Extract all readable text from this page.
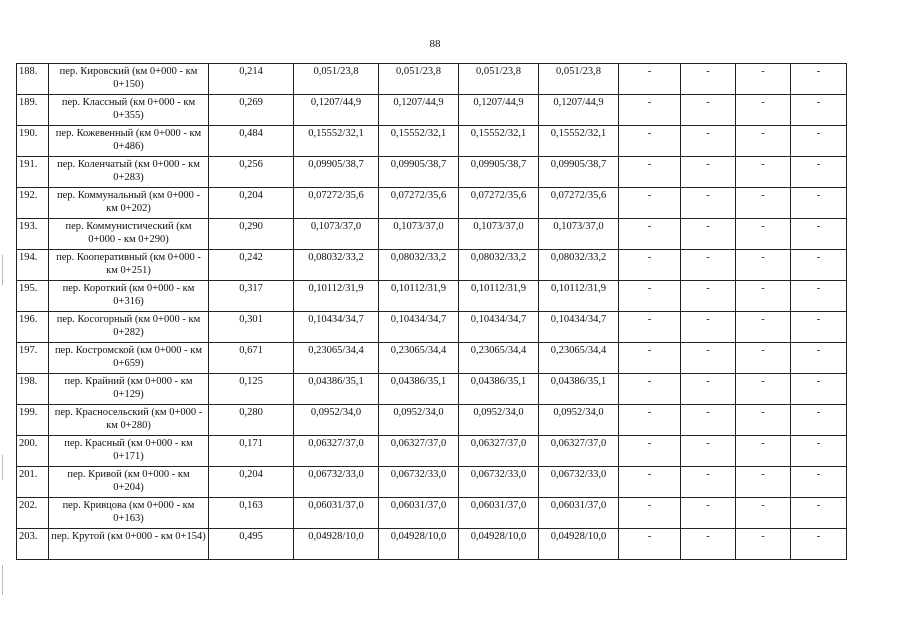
88
188.	пер. Кировский (км 0+000 - км 0+150)	0,214	0,051/23,8	0,051/23,8	0,051/23,8	0,051/23,8	-	-	-	-
189.	пер. Классный (км 0+000 - км 0+355)	0,269	0,1207/44,9	0,1207/44,9	0,1207/44,9	0,1207/44,9	-	-	-	-
190.	пер. Кожевенный (км 0+000 - км 0+486)	0,484	0,15552/32,1	0,15552/32,1	0,15552/32,1	0,15552/32,1	-	-	-	-
191.	пер. Коленчатый (км 0+000 - км 0+283)	0,256	0,09905/38,7	0,09905/38,7	0,09905/38,7	0,09905/38,7	-	-	-	-
192.	пер. Коммунальный (км 0+000 - км 0+202)	0,204	0,07272/35,6	0,07272/35,6	0,07272/35,6	0,07272/35,6	-	-	-	-
193.	пер. Коммунистический (км 0+000 - км 0+290)	0,290	0,1073/37,0	0,1073/37,0	0,1073/37,0	0,1073/37,0	-	-	-	-
194.	пер. Кооперативный (км 0+000 - км 0+251)	0,242	0,08032/33,2	0,08032/33,2	0,08032/33,2	0,08032/33,2	-	-	-	-
195.	пер. Короткий (км 0+000 - км 0+316)	0,317	0,10112/31,9	0,10112/31,9	0,10112/31,9	0,10112/31,9	-	-	-	-
196.	пер. Косогорный (км 0+000 - км 0+282)	0,301	0,10434/34,7	0,10434/34,7	0,10434/34,7	0,10434/34,7	-	-	-	-
197.	пер. Костромской (км 0+000 - км 0+659)	0,671	0,23065/34,4	0,23065/34,4	0,23065/34,4	0,23065/34,4	-	-	-	-
198.	пер. Крайний (км 0+000 - км 0+129)	0,125	0,04386/35,1	0,04386/35,1	0,04386/35,1	0,04386/35,1	-	-	-	-
199.	пер. Красносельский (км 0+000 - км 0+280)	0,280	0,0952/34,0	0,0952/34,0	0,0952/34,0	0,0952/34,0	-	-	-	-
200.	пер. Красный (км 0+000 - км 0+171)	0,171	0,06327/37,0	0,06327/37,0	0,06327/37,0	0,06327/37,0	-	-	-	-
201.	пер. Кривой (км 0+000 - км 0+204)	0,204	0,06732/33,0	0,06732/33,0	0,06732/33,0	0,06732/33,0	-	-	-	-
202.	пер. Кривцова (км 0+000 - км 0+163)	0,163	0,06031/37,0	0,06031/37,0	0,06031/37,0	0,06031/37,0	-	-	-	-
203.	пер. Крутой (км 0+000 - км 0+154)	0,495	0,04928/10,0	0,04928/10,0	0,04928/10,0	0,04928/10,0	-	-	-	-
